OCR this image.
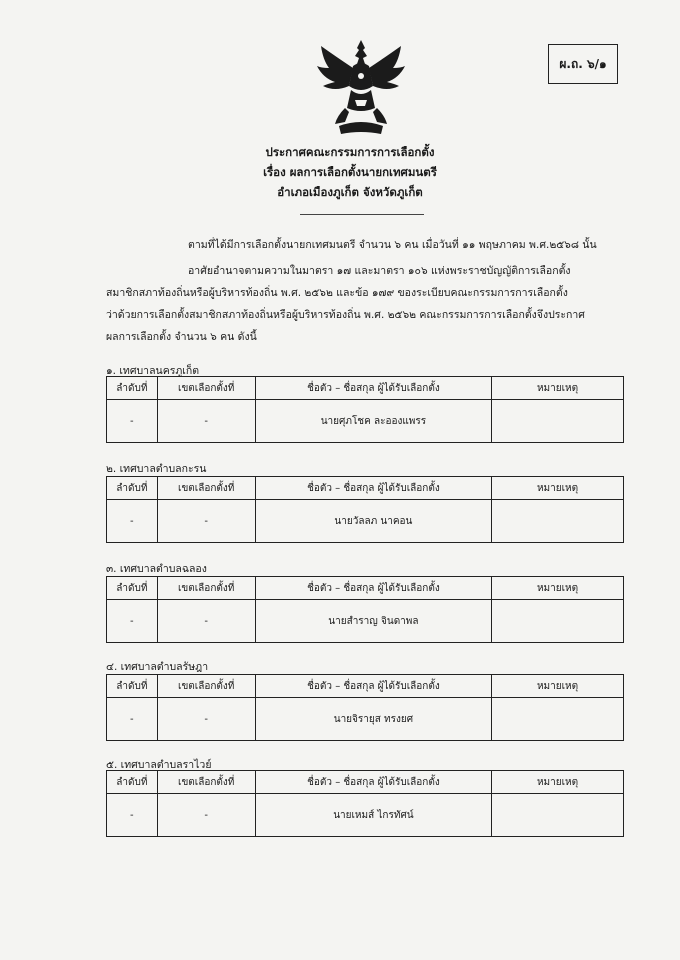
ผ.ถ. ๖/๑
ประกาศคณะกรรมการการเลือกตั้ง
เรื่อง ผลการเลือกตั้งนายกเทศมนตรี
อำเภอเมืองภูเก็ต จังหวัดภูเก็ต
ตามที่ได้มีการเลือกตั้งนายกเทศมนตรี จำนวน ๖ คน เมื่อวันที่ ๑๑ พฤษภาคม พ.ศ.๒๕๖๘ นั้น
อาศัยอำนาจตามความในมาตรา ๑๗ และมาตรา ๑๐๖ แห่งพระราชบัญญัติการเลือกตั้ง
สมาชิกสภาท้องถิ่นหรือผู้บริหารท้องถิ่น พ.ศ. ๒๕๖๒ และข้อ ๑๗๙ ของระเบียบคณะกรรมการการเลือกตั้ง
ว่าด้วยการเลือกตั้งสมาชิกสภาท้องถิ่นหรือผู้บริหารท้องถิ่น พ.ศ. ๒๕๖๒ คณะกรรมการการเลือกตั้งจึงประกาศ
ผลการเลือกตั้ง จำนวน ๖ คน ดังนี้
๑. เทศบาลนครภูเก็ต
ลำดับที่	เขตเลือกตั้งที่	ชื่อตัว – ชื่อสกุล ผู้ได้รับเลือกตั้ง	หมายเหตุ
-	-	นายศุภโชค ละอองแพรร	
๒. เทศบาลตำบลกะรน
ลำดับที่	เขตเลือกตั้งที่	ชื่อตัว – ชื่อสกุล ผู้ได้รับเลือกตั้ง	หมายเหตุ
-	-	นายวัลลภ นาคอน	
๓. เทศบาลตำบลฉลอง
ลำดับที่	เขตเลือกตั้งที่	ชื่อตัว – ชื่อสกุล ผู้ได้รับเลือกตั้ง	หมายเหตุ
-	-	นายสำราญ จินดาพล	
๔. เทศบาลตำบลรัษฎา
ลำดับที่	เขตเลือกตั้งที่	ชื่อตัว – ชื่อสกุล ผู้ได้รับเลือกตั้ง	หมายเหตุ
-	-	นายจิรายุส ทรงยศ	
๕. เทศบาลตำบลราไวย์
ลำดับที่	เขตเลือกตั้งที่	ชื่อตัว – ชื่อสกุล ผู้ได้รับเลือกตั้ง	หมายเหตุ
-	-	นายเหมส์ ไกรทัศน์	
